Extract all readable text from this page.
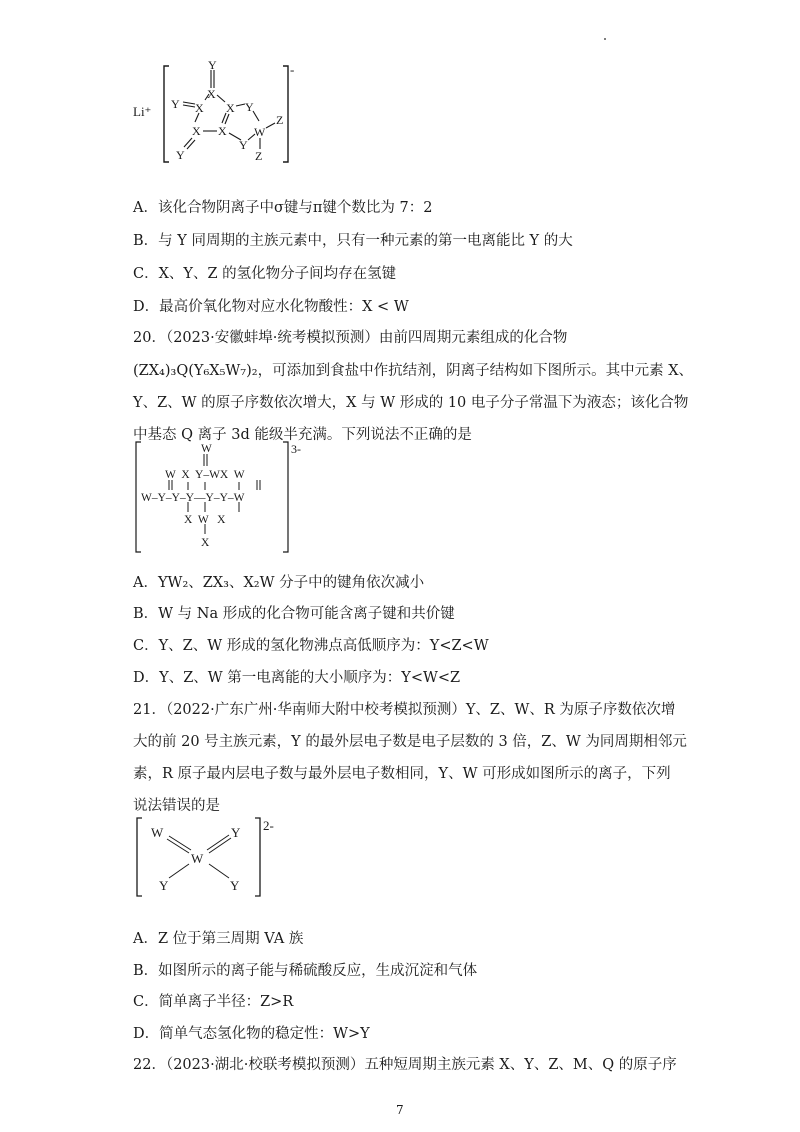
Li⁺
-
Y
Y
X
X X Y
X X W
Z
Y
Z
Y
A．该化合物阴离子中σ键与π键个数比为 7：2
B．与 Y 同周期的主族元素中，只有一种元素的第一电离能比 Y 的大
C．X、Y、Z 的氢化物分子间均存在氢键
D．最高价氧化物对应水化物酸性：X < W
20．（2023·安徽蚌埠·统考模拟预测）由前四周期元素组成的化合物
(ZX₄)₃Q(Y₆X₅W₇)₂，可添加到食盐中作抗结剂，阴离子结构如下图所示。其中元素 X、
Y、Z、W 的原子序数依次增大，X 与 W 形成的 10 电子分子常温下为液态；该化合物
中基态 Q 离子 3d 能级半充满。下列说法不正确的是
3-
W
W  X  Y–WX  W
W–Y–Y–Y—Y–Y–W
X  W   X
X
A．YW₂、ZX₃、X₂W 分子中的键角依次减小
B．W 与 Na 形成的化合物可能含离子键和共价键
C．Y、Z、W 形成的氢化物沸点高低顺序为：Y<Z<W
D．Y、Z、W 第一电离能的大小顺序为：Y<W<Z
21．（2022·广东广州·华南师大附中校考模拟预测）Y、Z、W、R 为原子序数依次增
大的前 20 号主族元素，Y 的最外层电子数是电子层数的 3 倍，Z、W 为同周期相邻元
素，R 原子最内层电子数与最外层电子数相同，Y、W 可形成如图所示的离子，下列
说法错误的是
2-
W	Y
W
Y	Y
A．Z 位于第三周期 VA 族
B．如图所示的离子能与稀硫酸反应，生成沉淀和气体
C．简单离子半径：Z>R
D．简单气态氢化物的稳定性：W>Y
22．（2023·湖北·校联考模拟预测）五种短周期主族元素 X、Y、Z、M、Q 的原子序
7
